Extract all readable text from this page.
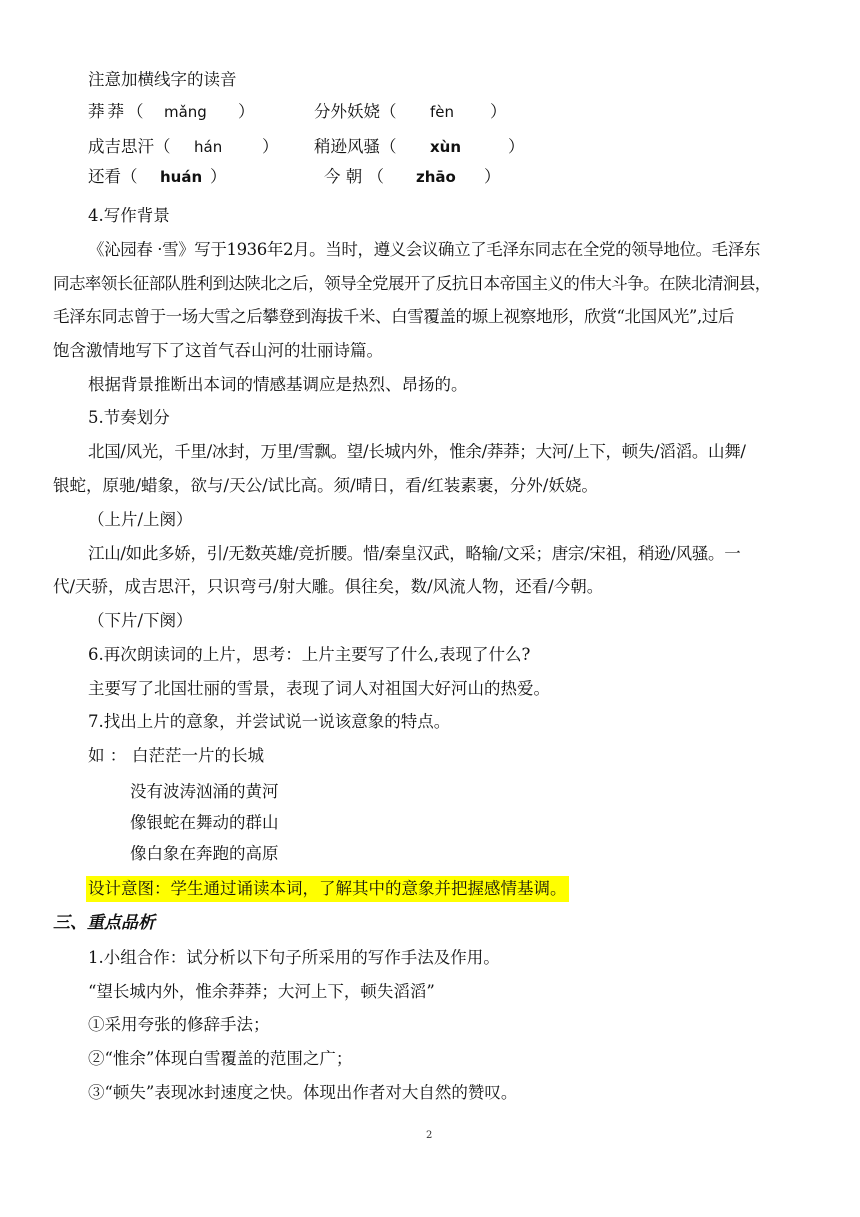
注意加横线字的读音
莽莽（ mǎng ）	分外妖娆（ fèn ）
成吉思汗（ hán ） 稍逊风骚（ xùn	）
还看（ huán ）	今 朝 （ zhāo ）
4.写作背景
《沁园春 ·雪》写于1936年2月。当时，遵义会议确立了毛泽东同志在全党的领导地位。毛泽东
同志率领长征部队胜利到达陕北之后，领导全党展开了反抗日本帝国主义的伟大斗争。在陕北清涧县，
毛泽东同志曾于一场大雪之后攀登到海拔千米、白雪覆盖的塬上视察地形，欣赏“北国风光”,过后
饱含激情地写下了这首气吞山河的壮丽诗篇。
根据背景推断出本词的情感基调应是热烈、昂扬的。
5.节奏划分
北国/风光，千里/冰封，万里/雪飘。望/长城内外，惟余/莽莽；大河/上下，顿失/滔滔。山舞/
银蛇，原驰/蜡象，欲与/天公/试比高。须/晴日，看/红装素裹，分外/妖娆。
（上片/上阕）
江山/如此多娇，引/无数英雄/竞折腰。惜/秦皇汉武，略输/文采；唐宗/宋祖，稍逊/风骚。一
代/天骄，成吉思汗，只识弯弓/射大雕。俱往矣，数/风流人物，还看/今朝。
（下片/下阕）
6.再次朗读词的上片，思考：上片主要写了什么,表现了什么?
主要写了北国壮丽的雪景，表现了词人对祖国大好河山的热爱。
7.找出上片的意象，并尝试说一说该意象的特点。
如 ： 白茫茫一片的长城
没有波涛汹涌的黄河
像银蛇在舞动的群山
像白象在奔跑的高原
设计意图：学生通过诵读本词，了解其中的意象并把握感情基调。
三、重点品析
1.小组合作：试分析以下句子所采用的写作手法及作用。
“望长城内外，惟余莽莽；大河上下，顿失滔滔”
①采用夸张的修辞手法；
②“惟余”体现白雪覆盖的范围之广；
③“顿失”表现冰封速度之快。体现出作者对大自然的赞叹。
2
